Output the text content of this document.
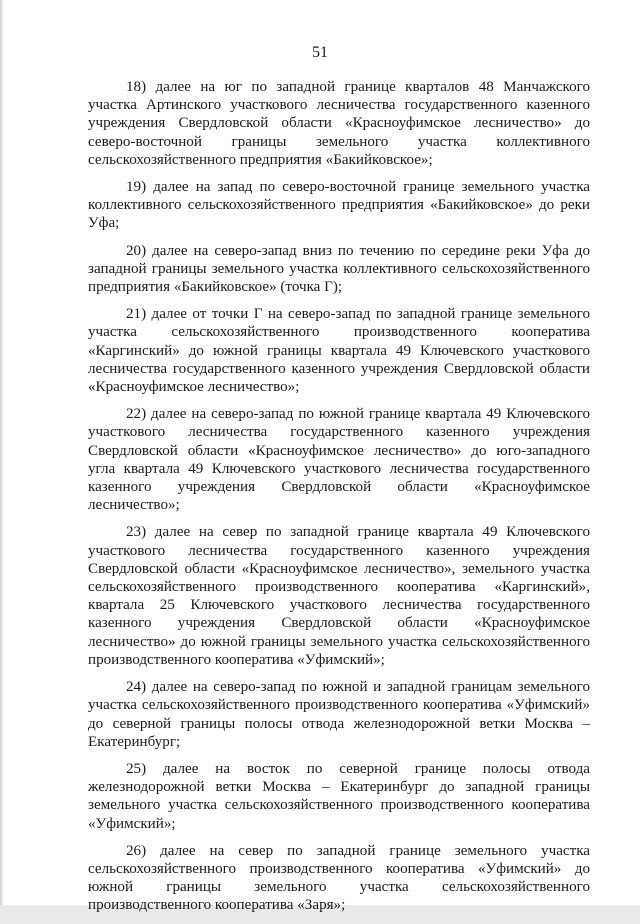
51

18) далее на юг по западной границе кварталов 48 Манчажского участка Артинского участкового лесничества государственного казенного учреждения Свердловской области «Красноуфимское лесничество» до северо-восточной границы земельного участка коллективного сельскохозяйственного предприятия «Бакийковское»;

19) далее на запад по северо-восточной границе земельного участка коллективного сельскохозяйственного предприятия «Бакийковское» до реки Уфа;

20) далее на северо-запад вниз по течению по середине реки Уфа до западной границы земельного участка коллективного сельскохозяйственного предприятия «Бакийковское» (точка Г);

21) далее от точки Г на северо-запад по западной границе земельного участка сельскохозяйственного производственного кооператива «Каргинский» до южной границы квартала 49 Ключевского участкового лесничества государственного казенного учреждения Свердловской области «Красноуфимское лесничество»;

22) далее на северо-запад по южной границе квартала 49 Ключевского участкового лесничества государственного казенного учреждения Свердловской области «Красноуфимское лесничество» до юго-западного угла квартала 49 Ключевского участкового лесничества государственного казенного учреждения Свердловской области «Красноуфимское лесничество»;

23) далее на север по западной границе квартала 49 Ключевского участкового лесничества государственного казенного учреждения Свердловской области «Красноуфимское лесничество», земельного участка сельскохозяйственного производственного кооператива «Каргинский», квартала 25 Ключевского участкового лесничества государственного казенного учреждения Свердловской области «Красноуфимское лесничество» до южной границы земельного участка сельскохозяйственного производственного кооператива «Уфимский»;

24) далее на северо-запад по южной и западной границам земельного участка сельскохозяйственного производственного кооператива «Уфимский» до северной границы полосы отвода железнодорожной ветки Москва – Екатеринбург;

25) далее на восток по северной границе полосы отвода железнодорожной ветки Москва – Екатеринбург до западной границы земельного участка сельскохозяйственного производственного кооператива «Уфимский»;

26) далее на север по западной границе земельного участка сельскохозяйственного производственного кооператива «Уфимский» до южной границы земельного участка сельскохозяйственного производственного кооператива «Заря»;
